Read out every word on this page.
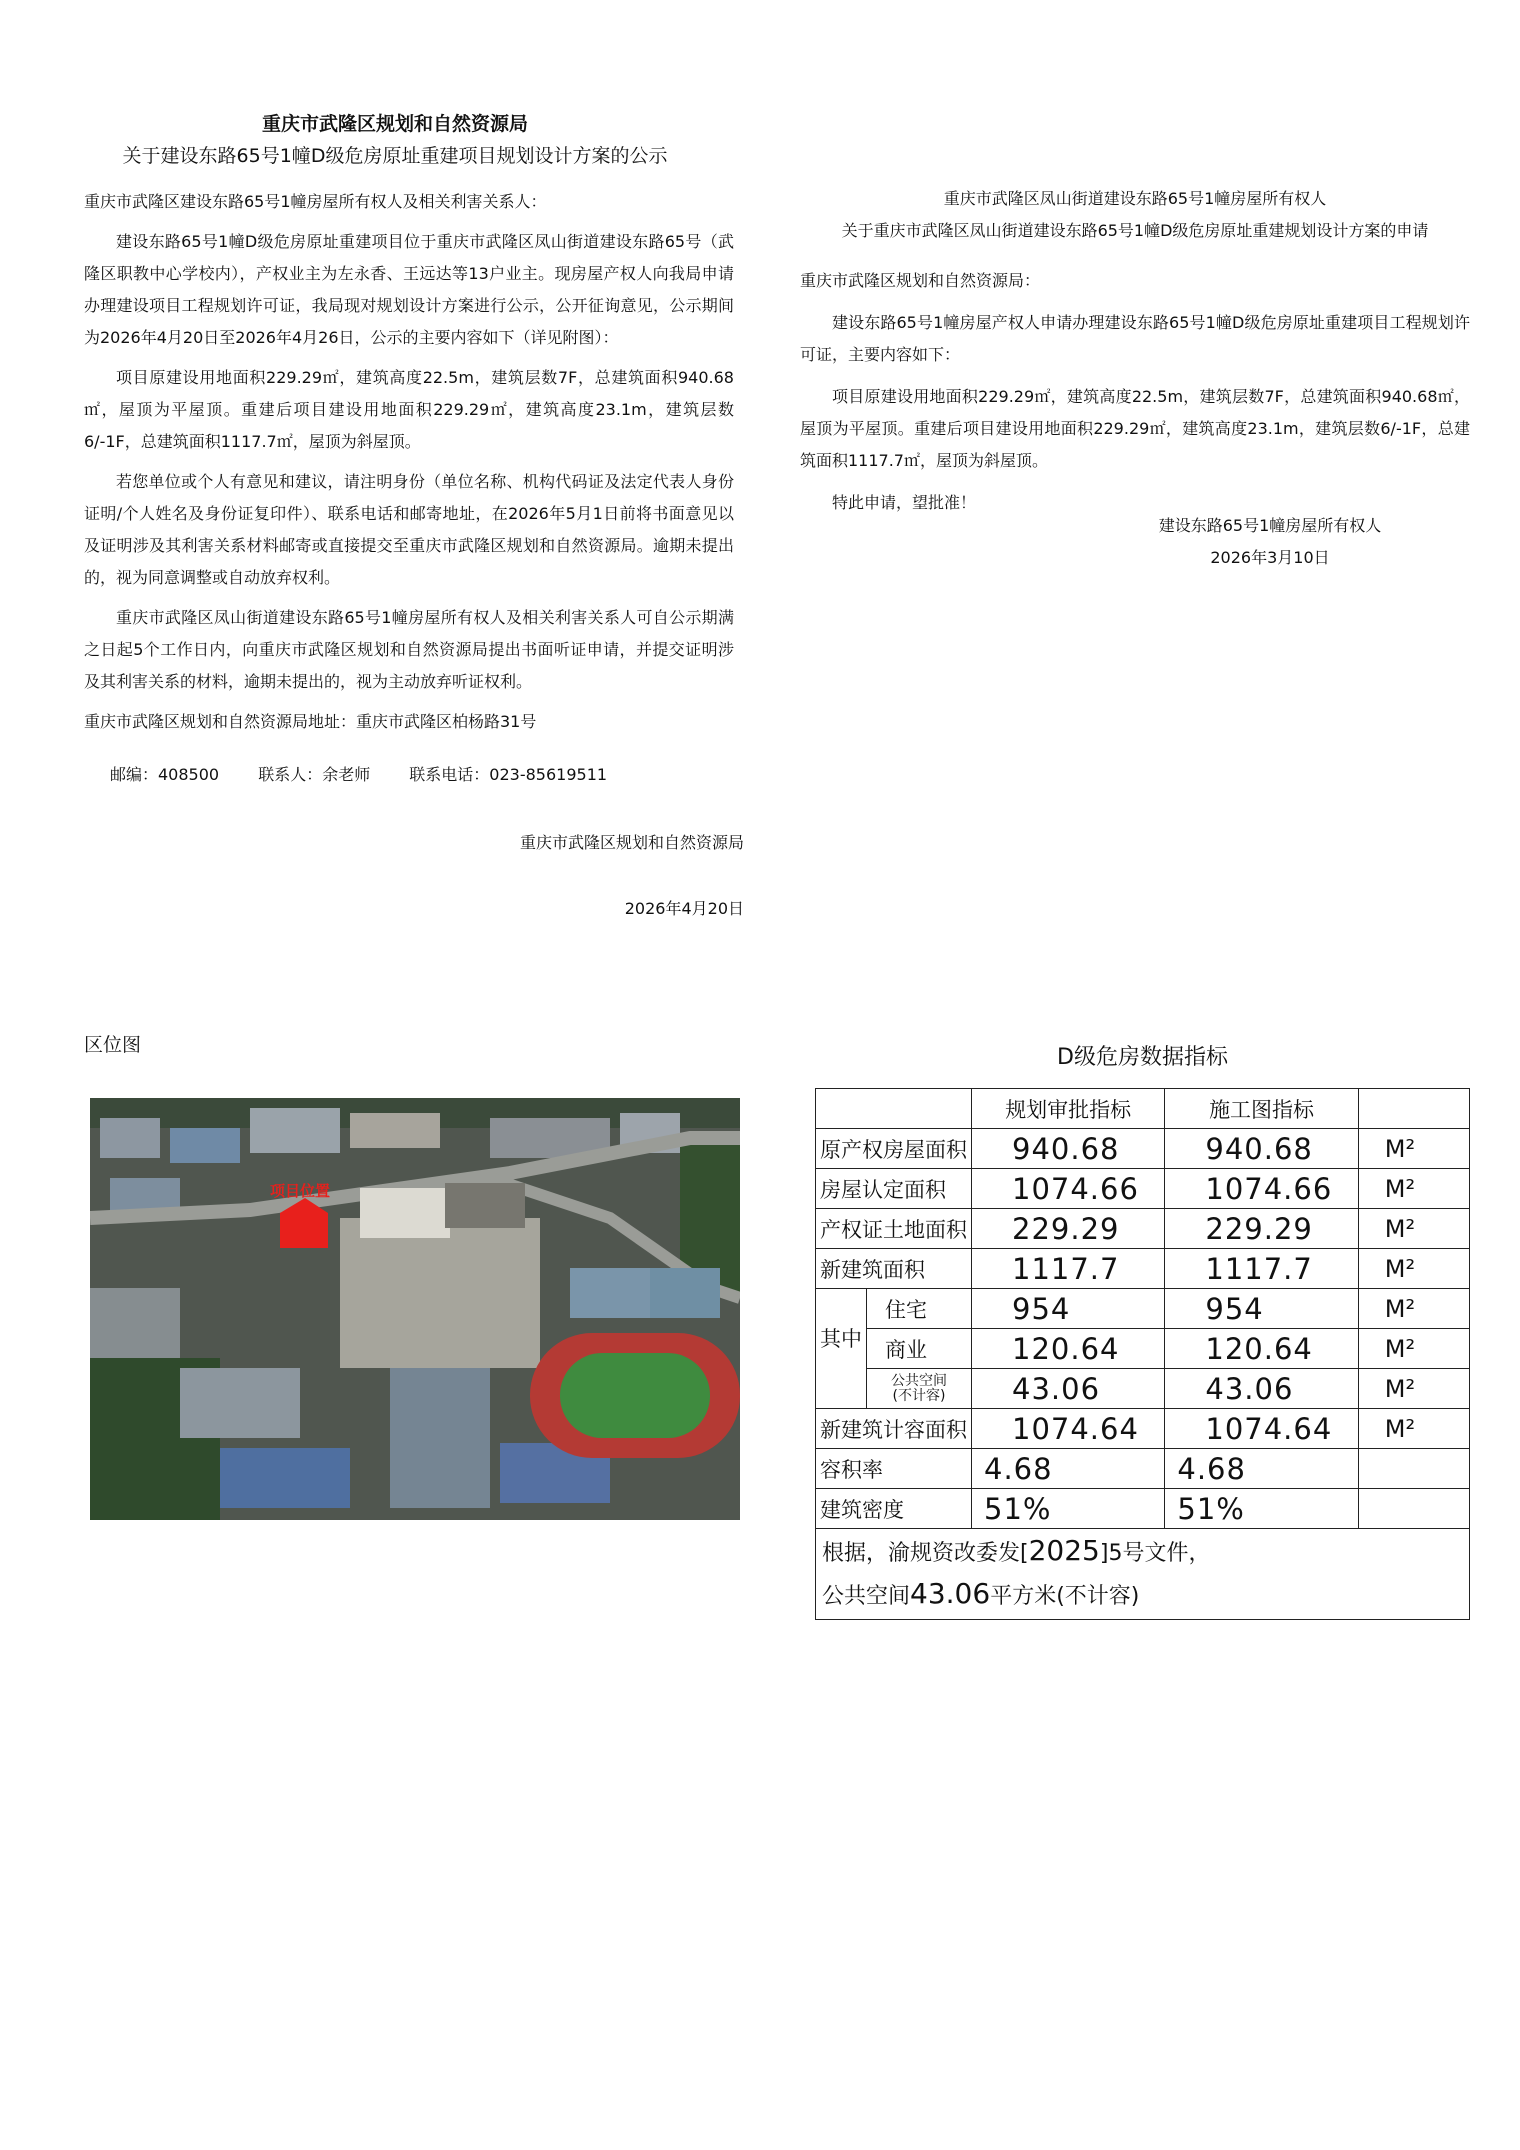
重庆市武隆区规划和自然资源局
关于建设东路65号1幢D级危房原址重建项目规划设计方案的公示

重庆市武隆区建设东路65号1幢房屋所有权人及相关利害关系人：

建设东路65号1幢D级危房原址重建项目位于重庆市武隆区凤山街道建设东路65号（武隆区职教中心学校内），产权业主为左永香、王远达等13户业主。现房屋产权人向我局申请办理建设项目工程规划许可证，我局现对规划设计方案进行公示，公开征询意见，公示期间为2026年4月20日至2026年4月26日，公示的主要内容如下（详见附图）：

项目原建设用地面积229.29㎡，建筑高度22.5m，建筑层数7F，总建筑面积940.68㎡，屋顶为平屋顶。重建后项目建设用地面积229.29㎡，建筑高度23.1m，建筑层数6/-1F，总建筑面积1117.7㎡，屋顶为斜屋顶。

若您单位或个人有意见和建议，请注明身份（单位名称、机构代码证及法定代表人身份证明/个人姓名及身份证复印件）、联系电话和邮寄地址，在2026年5月1日前将书面意见以及证明涉及其利害关系材料邮寄或直接提交至重庆市武隆区规划和自然资源局。逾期未提出的，视为同意调整或自动放弃权利。

重庆市武隆区凤山街道建设东路65号1幢房屋所有权人及相关利害关系人可自公示期满之日起5个工作日内，向重庆市武隆区规划和自然资源局提出书面听证申请，并提交证明涉及其利害关系的材料，逾期未提出的，视为主动放弃听证权利。

重庆市武隆区规划和自然资源局地址：重庆市武隆区柏杨路31号

邮编：408500 联系人：余老师 联系电话：023-85619511
重庆市武隆区规划和自然资源局
2026年4月20日
重庆市武隆区凤山街道建设东路65号1幢房屋所有权人
关于重庆市武隆区凤山街道建设东路65号1幢D级危房原址重建规划设计方案的申请

重庆市武隆区规划和自然资源局：

建设东路65号1幢房屋产权人申请办理建设东路65号1幢D级危房原址重建项目工程规划许可证，主要内容如下：

项目原建设用地面积229.29㎡，建筑高度22.5m，建筑层数7F，总建筑面积940.68㎡，屋顶为平屋顶。重建后项目建设用地面积229.29㎡，建筑高度23.1m，建筑层数6/-1F，总建筑面积1117.7㎡，屋顶为斜屋顶。

特此申请，望批准！

建设东路65号1幢房屋所有权人
2026年3月10日
区位图
项目位置
D级危房数据指标
		规划审批指标	施工图指标	
原产权房屋面积		940.68	940.68	M²
房屋认定面积		1074.66	1074.66	M²
产权证土地面积		229.29	229.29	M²
新建筑面积		1117.7	1117.7	M²
其中	住宅	954	954	M²
	商业	120.64	120.64	M²

	公共空间
(不计容)	43.06	43.06	M²
新建筑计容面积		1074.64	1074.64	M²
容积率		4.68	4.68	
建筑密度		51%	51%	

根据，渝规资改委发[2025]5号文件，
公共空间43.06平方米(不计容)				
